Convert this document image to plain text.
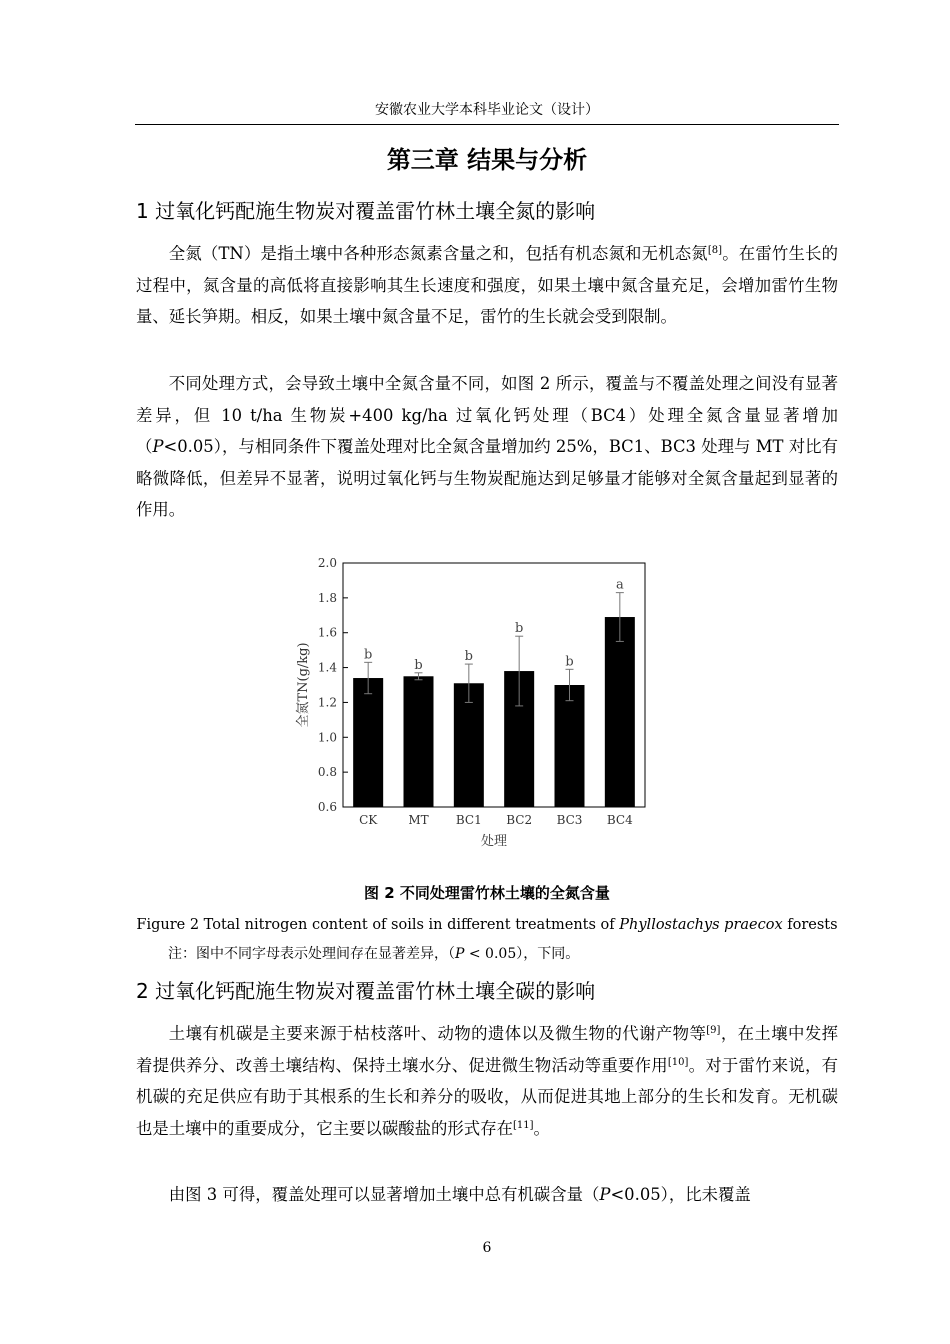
安徽农业大学本科毕业论文（设计）
第三章 结果与分析
1 过氧化钙配施生物炭对覆盖雷竹林土壤全氮的影响

全氮（TN）是指土壤中各种形态氮素含量之和，包括有机态氮和无机态氮[8]。在雷竹生长的过程中，氮含量的高低将直接影响其生长速度和强度，如果土壤中氮含量充足，会增加雷竹生物量、延长笋期。相反，如果土壤中氮含量不足，雷竹的生长就会受到限制。

不同处理方式，会导致土壤中全氮含量不同，如图 2 所示，覆盖与不覆盖处理之间没有显著差异，但 10 t/ha 生物炭+400 kg/ha 过氧化钙处理（BC4）处理全氮含量显著增加（P<0.05），与相同条件下覆盖处理对比全氮含量增加约 25%，BC1、BC3 处理与 MT 对比有略微降低，但差异不显著，说明过氧化钙与生物炭配施达到足够量才能够对全氮含量起到显著的作用。

0.6
0.8
1.0
1.2
1.4
1.6
1.8
2.0
b
CK
b
MT
b
BC1
b
BC2
b
BC3
a
BC4
处理
全氮TN(g/kg)
图 2 不同处理雷竹林土壤的全氮含量
Figure 2 Total nitrogen content of soils in different treatments of Phyllostachys praecox forests
注：图中不同字母表示处理间存在显著差异，（P < 0.05），下同。
2 过氧化钙配施生物炭对覆盖雷竹林土壤全碳的影响

土壤有机碳是主要来源于枯枝落叶、动物的遗体以及微生物的代谢产物等[9]，在土壤中发挥着提供养分、改善土壤结构、保持土壤水分、促进微生物活动等重要作用[10]。对于雷竹来说，有机碳的充足供应有助于其根系的生长和养分的吸收，从而促进其地上部分的生长和发育。无机碳也是土壤中的重要成分，它主要以碳酸盐的形式存在[11]。

由图 3 可得，覆盖处理可以显著增加土壤中总有机碳含量（P<0.05），比未覆盖

6
